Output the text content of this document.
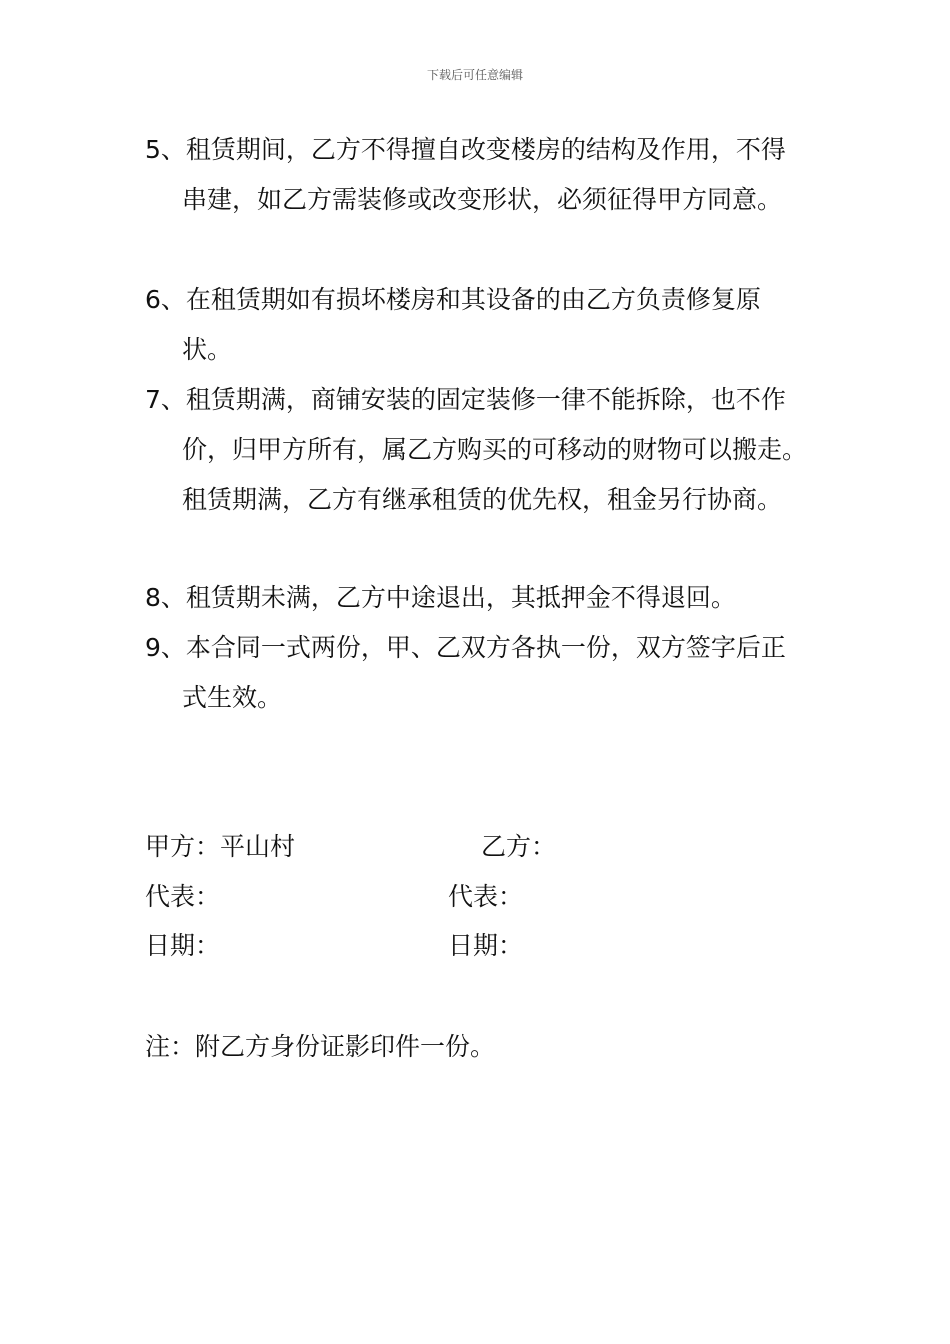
下载后可任意编辑
5、租赁期间，乙方不得擅自改变楼房的结构及作用，不得串建，如乙方需装修或改变形状，必须征得甲方同意。
6、在租赁期如有损坏楼房和其设备的由乙方负责修复原状。
7、租赁期满，商铺安装的固定装修一律不能拆除，也不作价，归甲方所有，属乙方购买的可移动的财物可以搬走。租赁期满，乙方有继承租赁的优先权，租金另行协商。
8、租赁期未满，乙方中途退出，其抵押金不得退回。
9、本合同一式两份，甲、乙双方各执一份，双方签字后正式生效。
甲方：平山村	乙方：
代表：	代表：
日期：	日期：
注：附乙方身份证影印件一份。
